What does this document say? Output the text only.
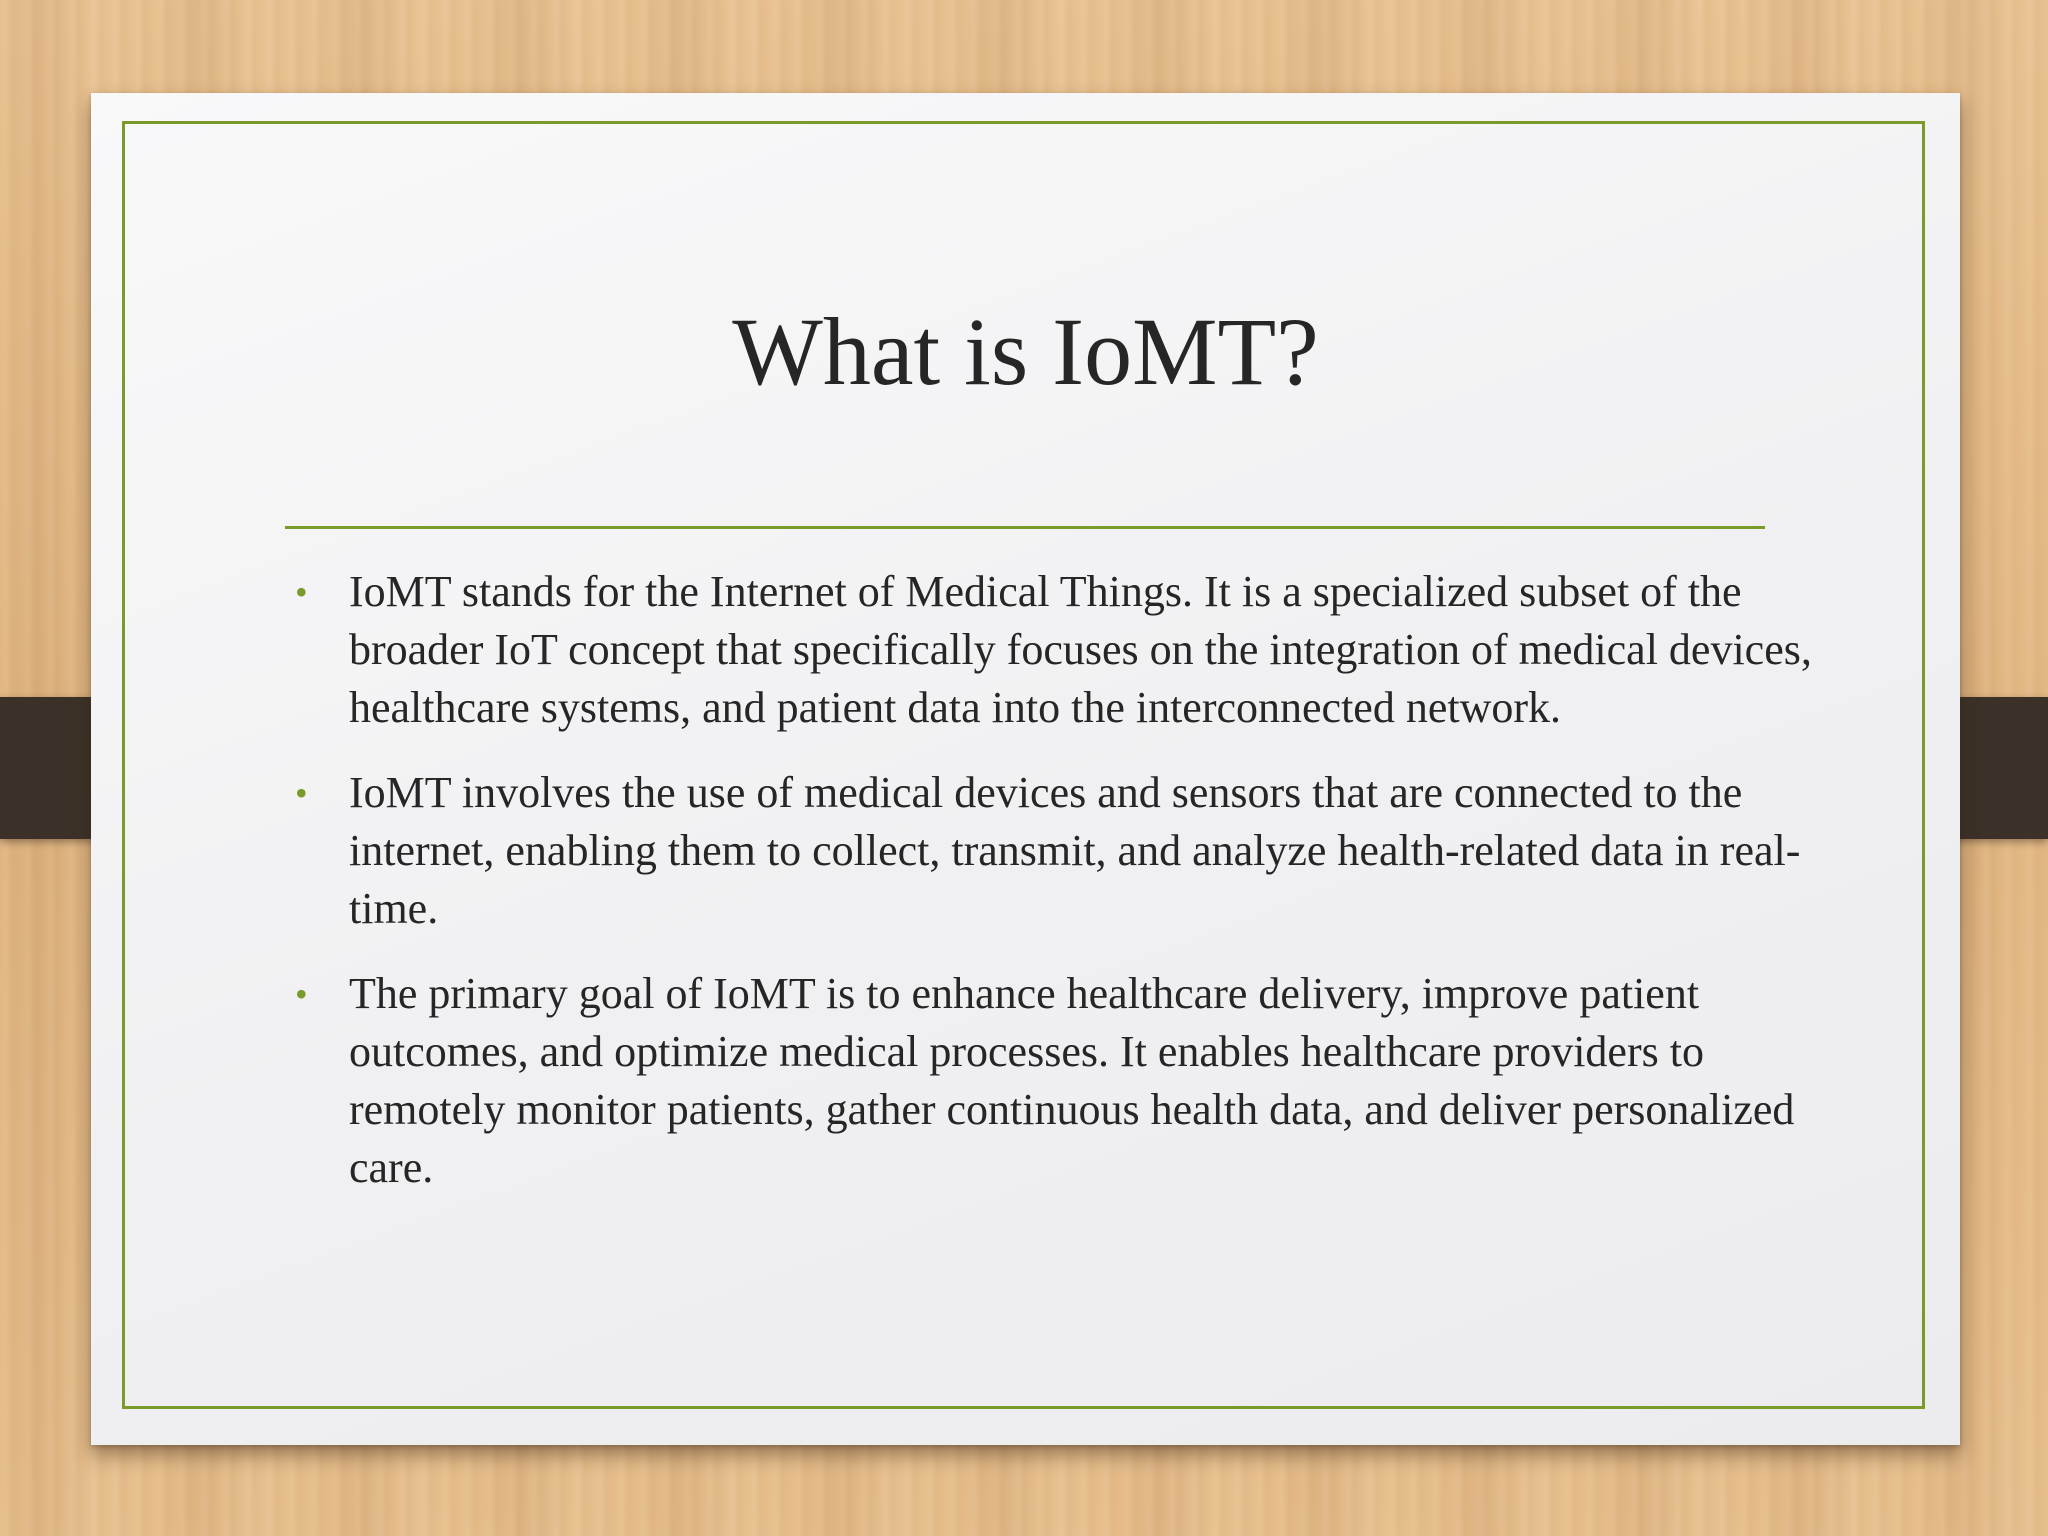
What is IoMT?
• IoMT stands for the Internet of Medical Things. It is a specialized subset of the broader IoT concept that specifically focuses on the integration of medical devices, healthcare systems, and patient data into the interconnected network.
• IoMT involves the use of medical devices and sensors that are connected to the internet, enabling them to collect, transmit, and analyze health-related data in real-time.
• The primary goal of IoMT is to enhance healthcare delivery, improve patient outcomes, and optimize medical processes. It enables healthcare providers to remotely monitor patients, gather continuous health data, and deliver personalized care.
